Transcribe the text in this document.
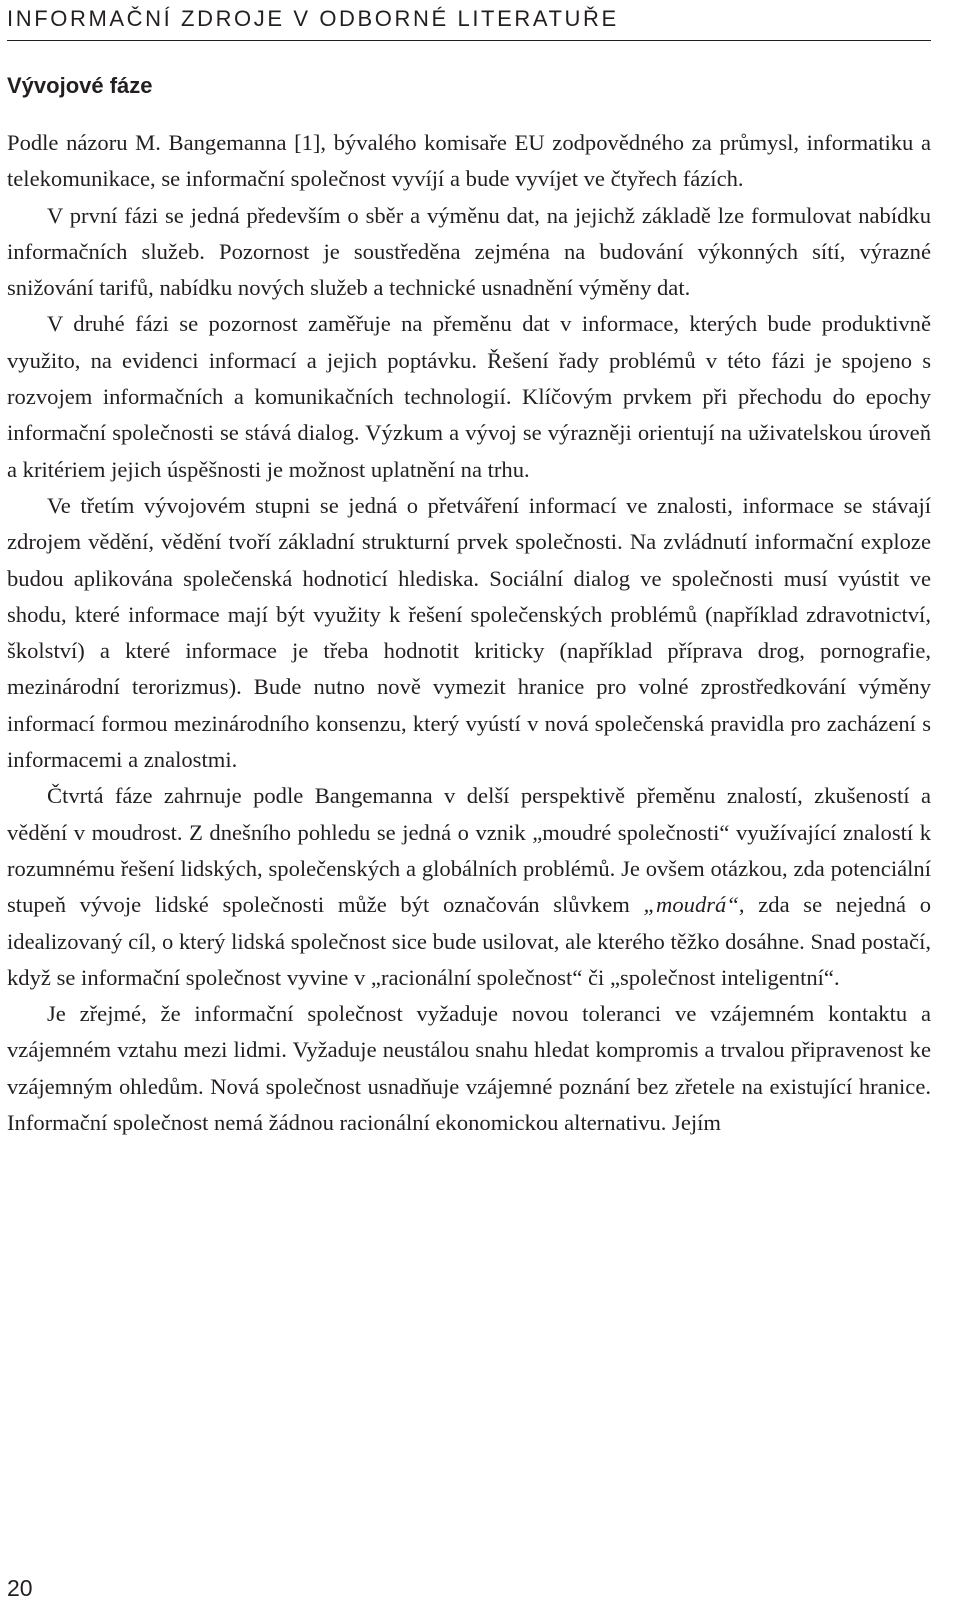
INFORMAČNÍ ZDROJE V ODBORNÉ LITERATUŘE
Vývojové fáze

Podle názoru M. Bangemanna [1], bývalého komisaře EU zodpovědného za průmysl, informatiku a telekomunikace, se informační společnost vyvíjí a bude vyvíjet ve čtyřech fázích.

V první fázi se jedná především o sběr a výměnu dat, na jejichž základě lze formulovat nabídku informačních služeb. Pozornost je soustředěna zejména na budování výkonných sítí, výrazné snižování tarifů, nabídku nových služeb a technické usnadnění výměny dat.

V druhé fázi se pozornost zaměřuje na přeměnu dat v informace, kterých bude produktivně využito, na evidenci informací a jejich poptávku. Řešení řady problémů v této fázi je spojeno s rozvojem informačních a komunikačních technologií. Klíčovým prvkem při přechodu do epochy informační společnosti se stává dialog. Výzkum a vývoj se výrazněji orientují na uživatelskou úroveň a kritériem jejich úspěšnosti je možnost uplatnění na trhu.

Ve třetím vývojovém stupni se jedná o přetváření informací ve znalosti, informace se stávají zdrojem vědění, vědění tvoří základní strukturní prvek společnosti. Na zvládnutí informační exploze budou aplikována společenská hodnoticí hlediska. Sociální dialog ve společnosti musí vyústit ve shodu, které informace mají být využity k řešení společenských problémů (například zdravotnictví, školství) a které informace je třeba hodnotit kriticky (například příprava drog, pornografie, mezinárodní terorizmus). Bude nutno nově vymezit hranice pro volné zprostředkování výměny informací formou mezinárodního konsenzu, který vyústí v nová společenská pravidla pro zacházení s informacemi a znalostmi.

Čtvrtá fáze zahrnuje podle Bangemanna v delší perspektivě přeměnu znalostí, zkušeností a vědění v moudrost. Z dnešního pohledu se jedná o vznik „moudré společnosti“ využívající znalostí k rozumnému řešení lidských, společenských a globálních problémů. Je ovšem otázkou, zda potenciální stupeň vývoje lidské společnosti může být označován slůvkem „moudrá“, zda se nejedná o idealizovaný cíl, o který lidská společnost sice bude usilovat, ale kterého těžko dosáhne. Snad postačí, když se informační společnost vyvine v „racionální společnost“ či „společnost inteligentní“.

Je zřejmé, že informační společnost vyžaduje novou toleranci ve vzájemném kontaktu a vzájemném vztahu mezi lidmi. Vyžaduje neustálou snahu hledat kompromis a trvalou připravenost ke vzájemným ohledům. Nová společnost usnadňuje vzájemné poznání bez zřetele na existující hranice. Informační společnost nemá žádnou racionální ekonomickou alternativu. Jejím

20
